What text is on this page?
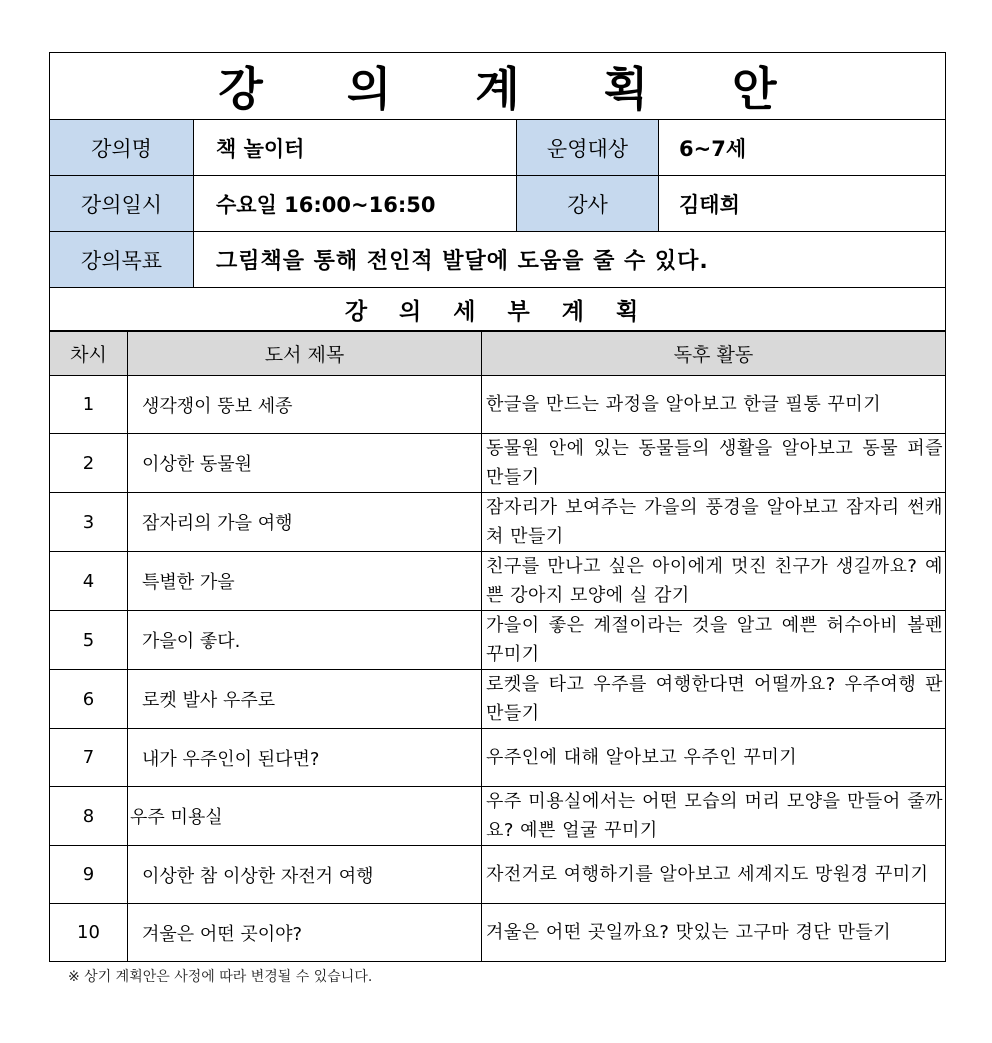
강 의 계 획 안			
강의명	책 놀이터	운영대상	6~7세
강의일시	수요일 16:00~16:50	강사	김태희
강의목표	그림책을 통해 전인적 발달에 도움을 줄 수 있다.		
강 의 세 부 계 획			
차시	도서 제목	독후 활동
1	생각쟁이 뚱보 세종	한글을 만드는 과정을 알아보고 한글 필통 꾸미기
2	이상한 동물원	동물원 안에 있는 동물들의 생활을 알아보고 동물 퍼즐 만들기
3	잠자리의 가을 여행	잠자리가 보여주는 가을의 풍경을 알아보고 잠자리 썬캐쳐 만들기
4	특별한 가을	친구를 만나고 싶은 아이에게 멋진 친구가 생길까요? 예쁜 강아지 모양에 실 감기
5	가을이 좋다.	가을이 좋은 계절이라는 것을 알고 예쁜 허수아비 볼펜 꾸미기
6	로켓 발사 우주로	로켓을 타고 우주를 여행한다면 어떨까요? 우주여행 판 만들기
7	내가 우주인이 된다면?	우주인에 대해 알아보고 우주인 꾸미기
8	우주 미용실	우주 미용실에서는 어떤 모습의 머리 모양을 만들어 줄까요? 예쁜 얼굴 꾸미기
9	이상한 참 이상한 자전거 여행	자전거로 여행하기를 알아보고 세계지도 망원경 꾸미기
10	겨울은 어떤 곳이야?	겨울은 어떤 곳일까요? 맛있는 고구마 경단 만들기
※ 상기 계획안은 사정에 따라 변경될 수 있습니다.
